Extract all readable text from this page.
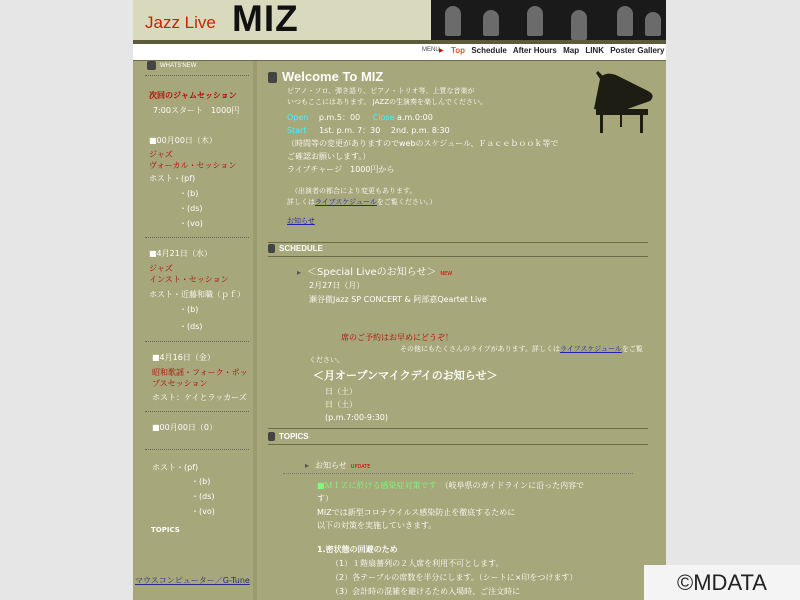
Jazz Live MIZ
MENU ▶ Top Schedule After Hours Map LINK Poster Gallery
WHATS'NEW
次回のジャムセッション
7:00スタート　1000円
■00月00日（木）
ジャズ
ヴォーカル・セッション
ホスト・(pf)
・(b)
・(ds)
・(vo)
■4月21日（水）
ジャズ
インスト・セッション
ホスト・近藤和職（ｐｆ）
・(b)
・(ds)
■4月16日（金）
昭和歌謡・フォーク・ポッ
プスセッション
ホスト：ケイとラッカーズ
■00月00日（0）
ホスト・(pf)
・(b)
・(ds)
・(vo)
TOPICS
マウスコンピューター／G-Tune
Welcome To MIZ
ピアノ・ソロ、弾き語り、ピアノ・トリオ等、上質な音楽が
いつもここにはあります。 JAZZの生演奏を楽しんでください。
Open p.m.5：00 Close a.m.0:00
Start 1st. p.m. 7：30　 2nd. p.m. 8:30
（時間等の変更がありますのでwebのスケジュール、Ｆａｃｅｂｏｏｋ等で
ご確認お願いします。）
ライブチャージ　1000円から
（出演者の都合により変更もあります。
詳しくはライブスケジュールをご覧ください。）
お知らせ
SCHEDULE
▸ ＜Special Liveのお知らせ＞ NEW
2月27日（月）
瀬谷徹Jazz SP CONCERT & 阿部嘉Qeartet Live
席のご予約はお早めにどうぞ！
その他にもたくさんのライブがあります。詳しくはライフスケジュールをご覧
ください。
＜月オープンマイクデイのお知らせ＞
日（土）
日（土）
(p.m.7:00-9:30)
TOPICS
▸ お知らせ UPDATE
■ＭＩＺに於ける感染症対策です （岐阜県のガイドラインに沿った内容で
す）
MIZでは新型コロナウイルス感染防止を徹底するために
以下の対策を実施していきます。
1.密状態の回避のため
（1）１階扇薔列の２人席を利用不可とします。
（2）各テーブルの席数を半分にします。（シートに×印をつけます）
（3）会計時の混雑を避けるため入場時、ご注文時に	©MDATA
